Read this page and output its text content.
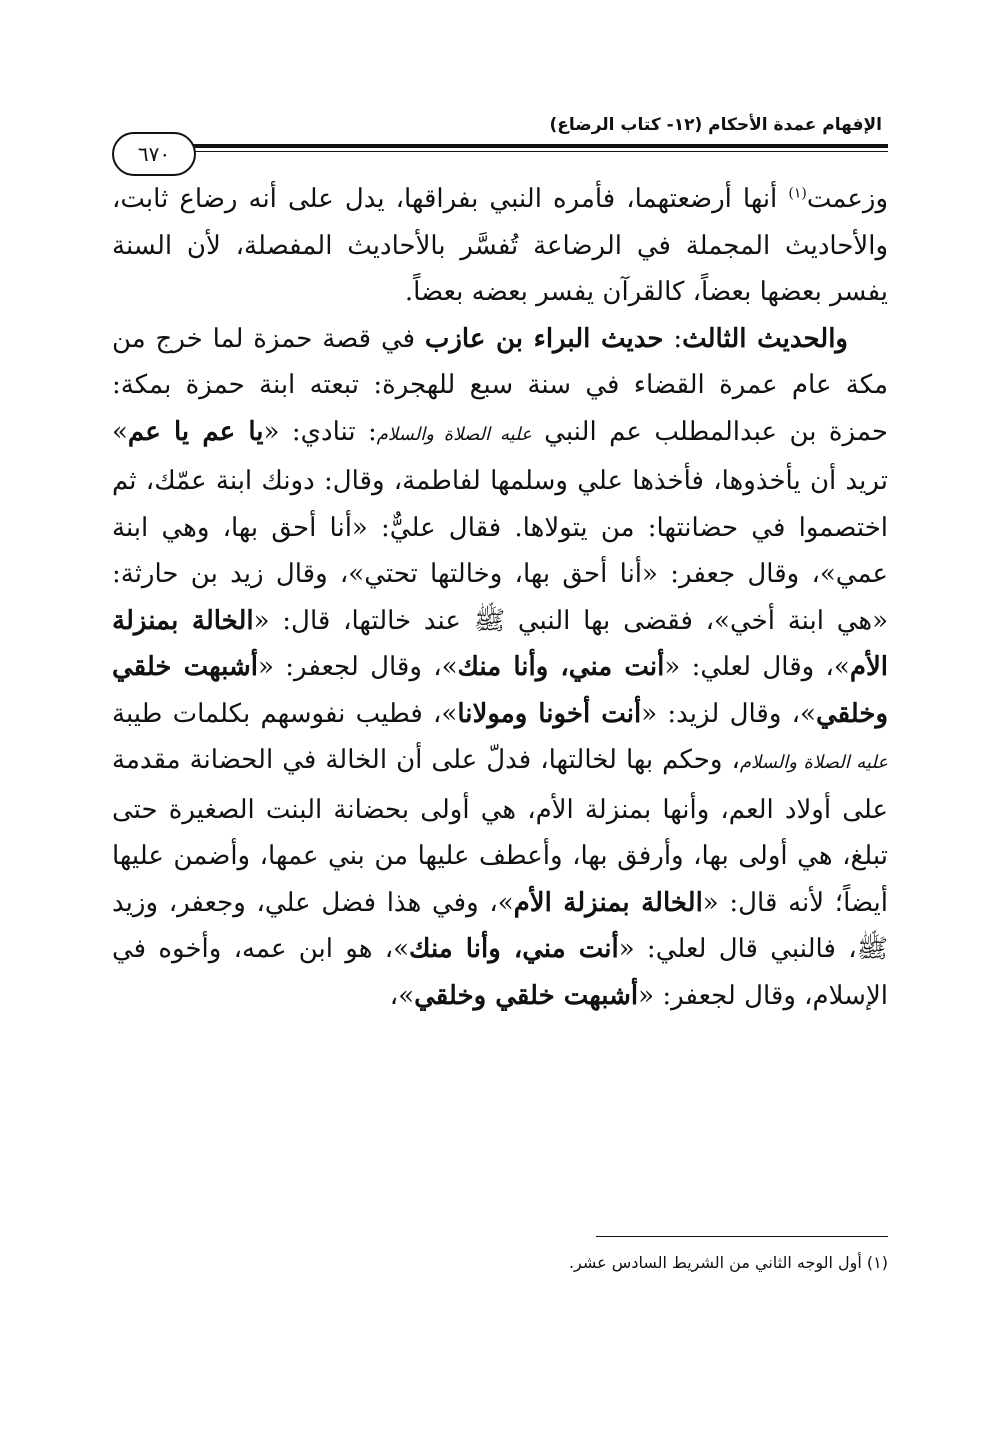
٦٧٠
الإفهام عمدة الأحكام (١٢- كتاب الرضاع)

وزعمت$^{(١)}$ أنها أرضعتهما، فأمره النبي بفراقها، يدل على أنه رضاع ثابت، والأحاديث المجملة في الرضاعة تُفسَّر بالأحاديث المفصلة، لأن السنة يفسر بعضها بعضاً، كالقرآن يفسر بعضه بعضاً.

والحديث الثالث: حديث البراء بن عازب في قصة حمزة لما خرج من مكة عام عمرة القضاء في سنة سبع للهجرة: تبعته ابنة حمزة بمكة: حمزة بن عبدالمطلب عم النبي عليه الصلاة والسلام: تنادي: «يا عم يا عم» تريد أن يأخذوها، فأخذها علي وسلمها لفاطمة، وقال: دونك ابنة عمّك، ثم اختصموا في حضانتها: من يتولاها. فقال عليٌّ: «أنا أحق بها، وهي ابنة عمي»، وقال جعفر: «أنا أحق بها، وخالتها تحتي»، وقال زيد بن حارثة: «هي ابنة أخي»، فقضى بها النبي ﷺ عند خالتها، قال: «الخالة بمنزلة الأم»، وقال لعلي: «أنت مني، وأنا منك»، وقال لجعفر: «أشبهت خلقي وخلقي»، وقال لزيد: «أنت أخونا ومولانا»، فطيب نفوسهم بكلمات طيبة عليه الصلاة والسلام، وحكم بها لخالتها، فدلّ على أن الخالة في الحضانة مقدمة على أولاد العم، وأنها بمنزلة الأم، هي أولى بحضانة البنت الصغيرة حتى تبلغ، هي أولى بها، وأرفق بها، وأعطف عليها من بني عمها، وأضمن عليها أيضاً؛ لأنه قال: «الخالة بمنزلة الأم»، وفي هذا فضل علي، وجعفر، وزيد ﷺ، فالنبي قال لعلي: «أنت مني، وأنا منك»، هو ابن عمه، وأخوه في الإسلام، وقال لجعفر: «أشبهت خلقي وخلقي»،

(١) أول الوجه الثاني من الشريط السادس عشر.
